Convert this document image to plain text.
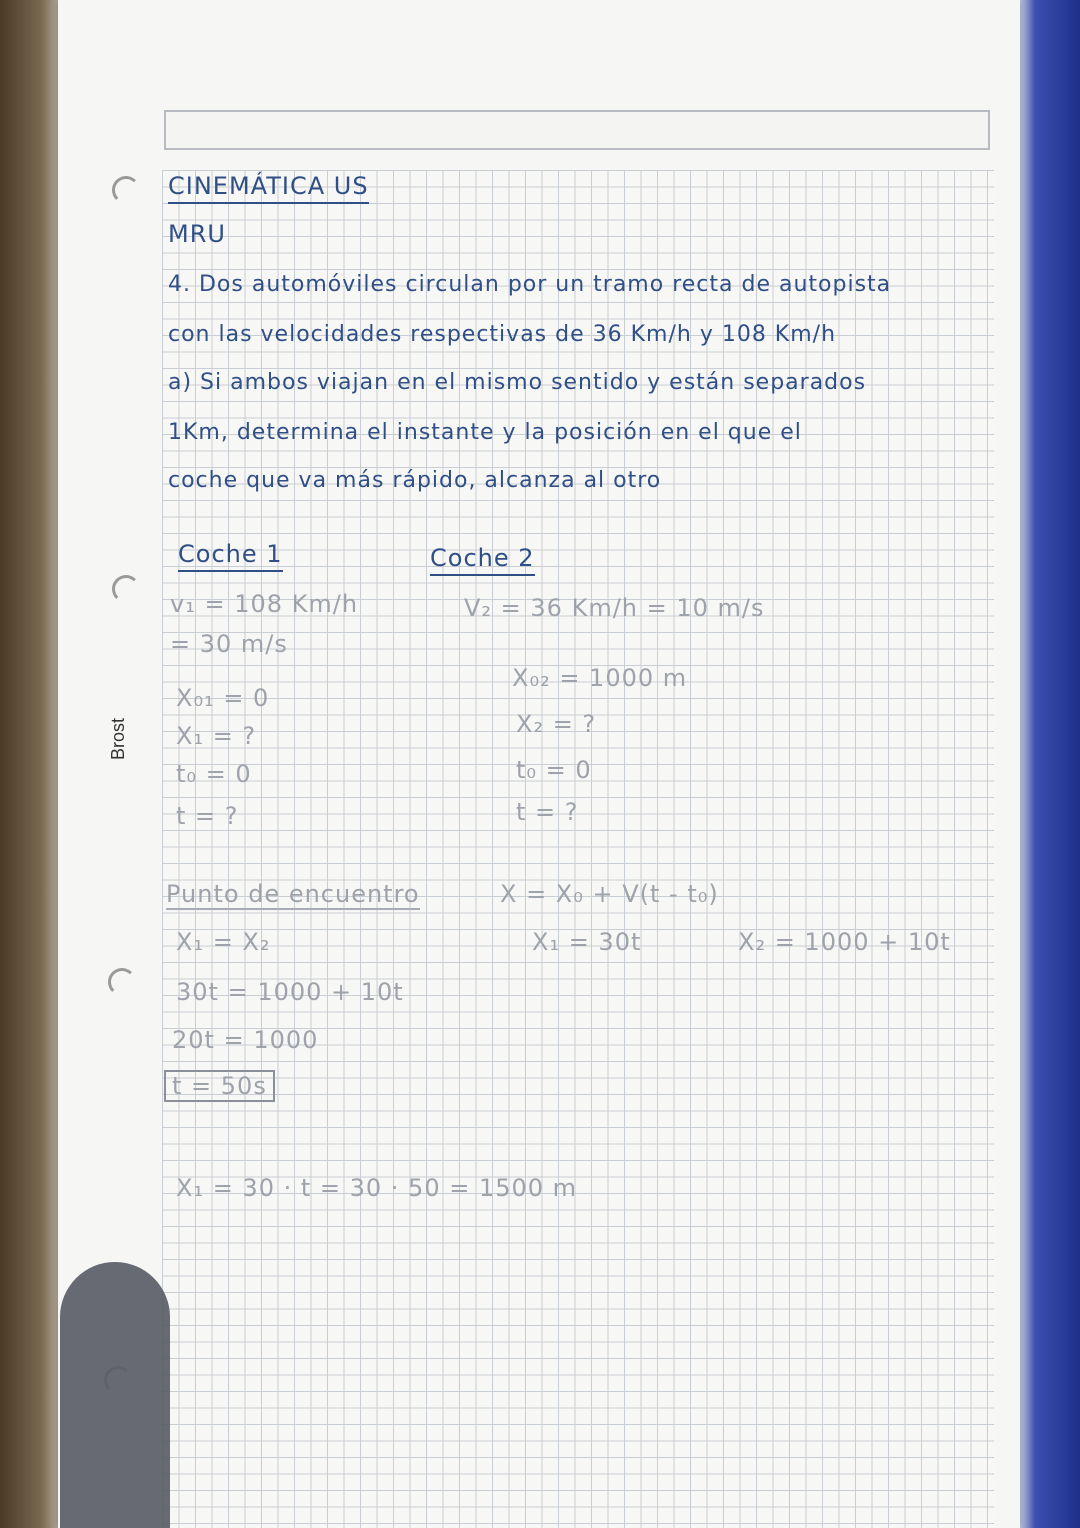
Brost
CINEMÁTICA US
MRU
4. Dos automóviles circulan por un tramo recta de autopista
con las velocidades respectivas de 36 Km/h y 108 Km/h
a) Si ambos viajan en el mismo sentido y están separados
1Km, determina el instante y la posición en el que el
coche que va más rápido, alcanza al otro
Coche 1
v₁ = 108 Km/h
= 30 m/s
X₀₁ = 0
X₁ = ?
t₀ = 0
t = ?
Coche 2
V₂ = 36 Km/h = 10 m/s
X₀₂ = 1000 m
X₂ = ?
t₀ = 0
t = ?
Punto de encuentro	X = X₀ + V(t - t₀)
X₁ = X₂	X₁ = 30t	X₂ = 1000 + 10t
30t = 1000 + 10t
20t = 1000
t = 50s
X₁ = 30 · t = 30 · 50 = 1500 m
